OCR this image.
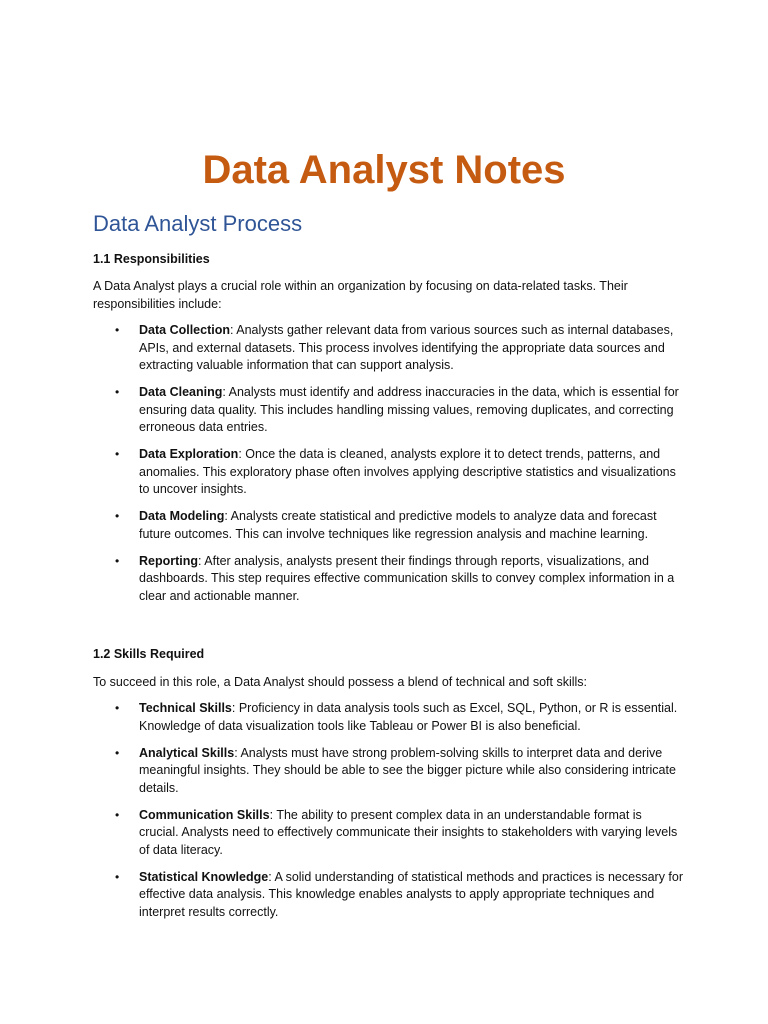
Data Analyst Notes
Data Analyst Process
1.1 Responsibilities

A Data Analyst plays a crucial role within an organization by focusing on data-related tasks. Their responsibilities include:

• Data Collection: Analysts gather relevant data from various sources such as internal databases, APIs, and external datasets. This process involves identifying the appropriate data sources and extracting valuable information that can support analysis.
• Data Cleaning: Analysts must identify and address inaccuracies in the data, which is essential for ensuring data quality. This includes handling missing values, removing duplicates, and correcting erroneous data entries.
• Data Exploration: Once the data is cleaned, analysts explore it to detect trends, patterns, and anomalies. This exploratory phase often involves applying descriptive statistics and visualizations to uncover insights.
• Data Modeling: Analysts create statistical and predictive models to analyze data and forecast future outcomes. This can involve techniques like regression analysis and machine learning.
• Reporting: After analysis, analysts present their findings through reports, visualizations, and dashboards. This step requires effective communication skills to convey complex information in a clear and actionable manner.
1.2 Skills Required

To succeed in this role, a Data Analyst should possess a blend of technical and soft skills:

• Technical Skills: Proficiency in data analysis tools such as Excel, SQL, Python, or R is essential. Knowledge of data visualization tools like Tableau or Power BI is also beneficial.
• Analytical Skills: Analysts must have strong problem-solving skills to interpret data and derive meaningful insights. They should be able to see the bigger picture while also considering intricate details.
• Communication Skills: The ability to present complex data in an understandable format is crucial. Analysts need to effectively communicate their insights to stakeholders with varying levels of data literacy.
• Statistical Knowledge: A solid understanding of statistical methods and practices is necessary for effective data analysis. This knowledge enables analysts to apply appropriate techniques and interpret results correctly.
